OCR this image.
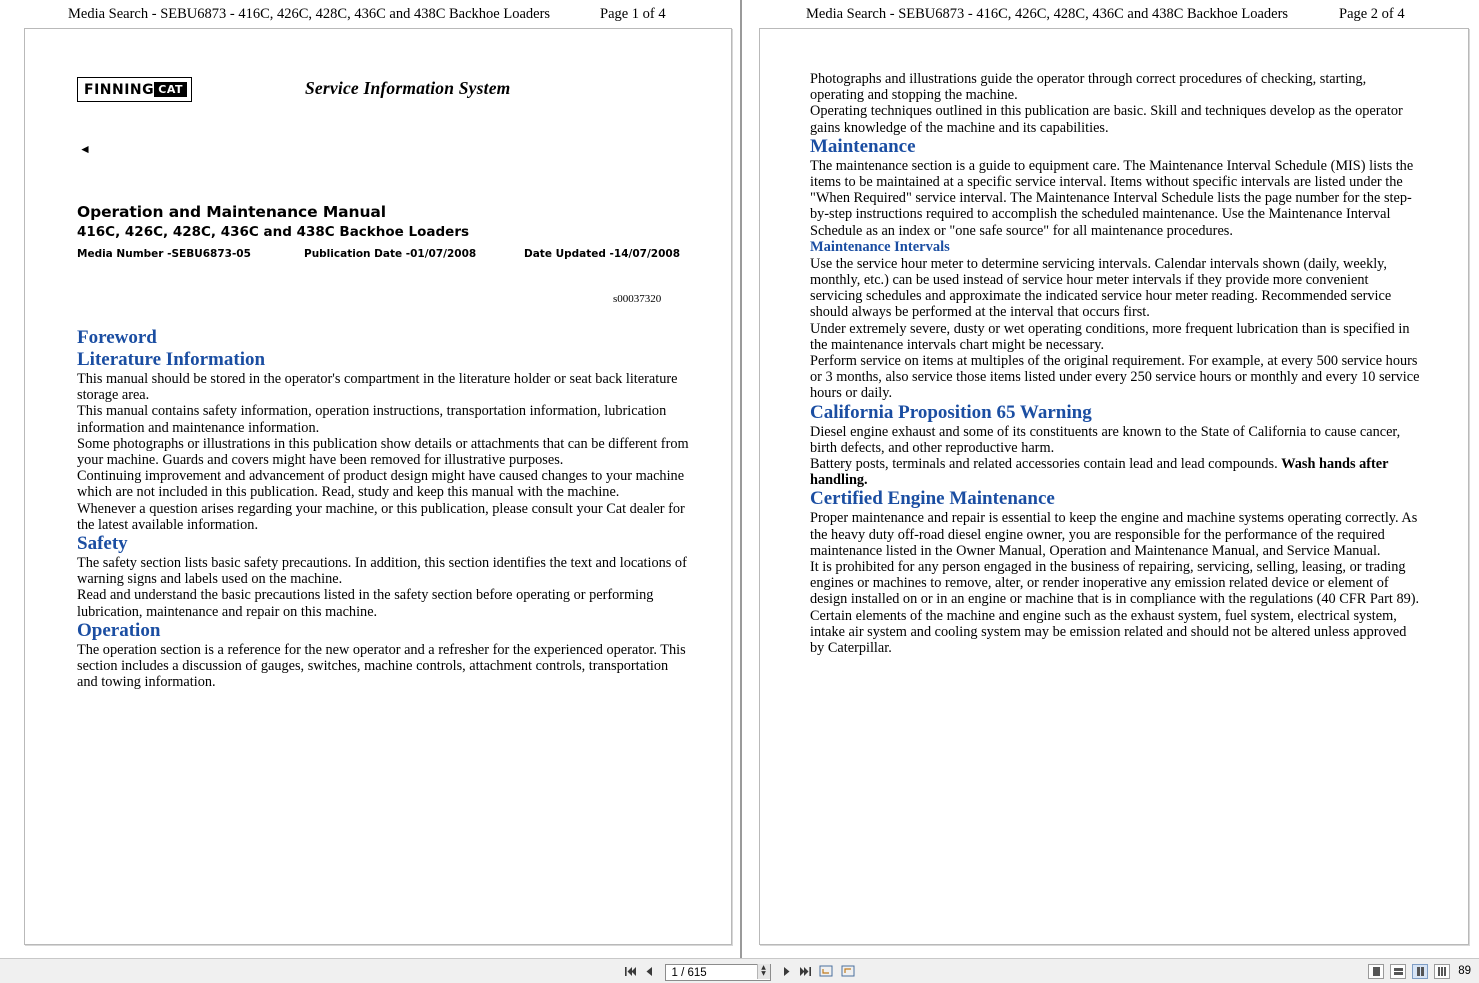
Media Search - SEBU6873 - 416C, 426C, 428C, 436C and 438C Backhoe Loaders	Page 1 of 4
FINNING CAT	Service Information System
◄
Operation and Maintenance Manual
416C, 426C, 428C, 436C and 438C Backhoe Loaders
Media Number -SEBU6873-05	Publication Date -01/07/2008	Date Updated -14/07/2008
s00037320
Foreword
Literature Information

This manual should be stored in the operator's compartment in the literature holder or seat back literature storage area.

This manual contains safety information, operation instructions, transportation information, lubrication information and maintenance information.

Some photographs or illustrations in this publication show details or attachments that can be different from your machine. Guards and covers might have been removed for illustrative purposes.

Continuing improvement and advancement of product design might have caused changes to your machine which are not included in this publication. Read, study and keep this manual with the machine.

Whenever a question arises regarding your machine, or this publication, please consult your Cat dealer for the latest available information.

Safety

The safety section lists basic safety precautions. In addition, this section identifies the text and locations of warning signs and labels used on the machine.

Read and understand the basic precautions listed in the safety section before operating or performing lubrication, maintenance and repair on this machine.

Operation

The operation section is a reference for the new operator and a refresher for the experienced operator. This section includes a discussion of gauges, switches, machine controls, attachment controls, transportation and towing information.

Media Search - SEBU6873 - 416C, 426C, 428C, 436C and 438C Backhoe Loaders	Page 2 of 4

Photographs and illustrations guide the operator through correct procedures of checking, starting, operating and stopping the machine.

Operating techniques outlined in this publication are basic. Skill and techniques develop as the operator gains knowledge of the machine and its capabilities.

Maintenance

The maintenance section is a guide to equipment care. The Maintenance Interval Schedule (MIS) lists the items to be maintained at a specific service interval. Items without specific intervals are listed under the "When Required" service interval. The Maintenance Interval Schedule lists the page number for the step-by-step instructions required to accomplish the scheduled maintenance. Use the Maintenance Interval Schedule as an index or "one safe source" for all maintenance procedures.

Maintenance Intervals

Use the service hour meter to determine servicing intervals. Calendar intervals shown (daily, weekly, monthly, etc.) can be used instead of service hour meter intervals if they provide more convenient servicing schedules and approximate the indicated service hour meter reading. Recommended service should always be performed at the interval that occurs first.

Under extremely severe, dusty or wet operating conditions, more frequent lubrication than is specified in the maintenance intervals chart might be necessary.

Perform service on items at multiples of the original requirement. For example, at every 500 service hours or 3 months, also service those items listed under every 250 service hours or monthly and every 10 service hours or daily.

California Proposition 65 Warning

Diesel engine exhaust and some of its constituents are known to the State of California to cause cancer, birth defects, and other reproductive harm.

Battery posts, terminals and related accessories contain lead and lead compounds. Wash hands after handling.

Certified Engine Maintenance

Proper maintenance and repair is essential to keep the engine and machine systems operating correctly. As the heavy duty off-road diesel engine owner, you are responsible for the performance of the required maintenance listed in the Owner Manual, Operation and Maintenance Manual, and Service Manual.

It is prohibited for any person engaged in the business of repairing, servicing, selling, leasing, or trading engines or machines to remove, alter, or render inoperative any emission related device or element of design installed on or in an engine or machine that is in compliance with the regulations (40 CFR Part 89). Certain elements of the machine and engine such as the exhaust system, fuel system, electrical system, intake air system and cooling system may be emission related and should not be altered unless approved by Caterpillar.

1 / 615
▲
▼	89
